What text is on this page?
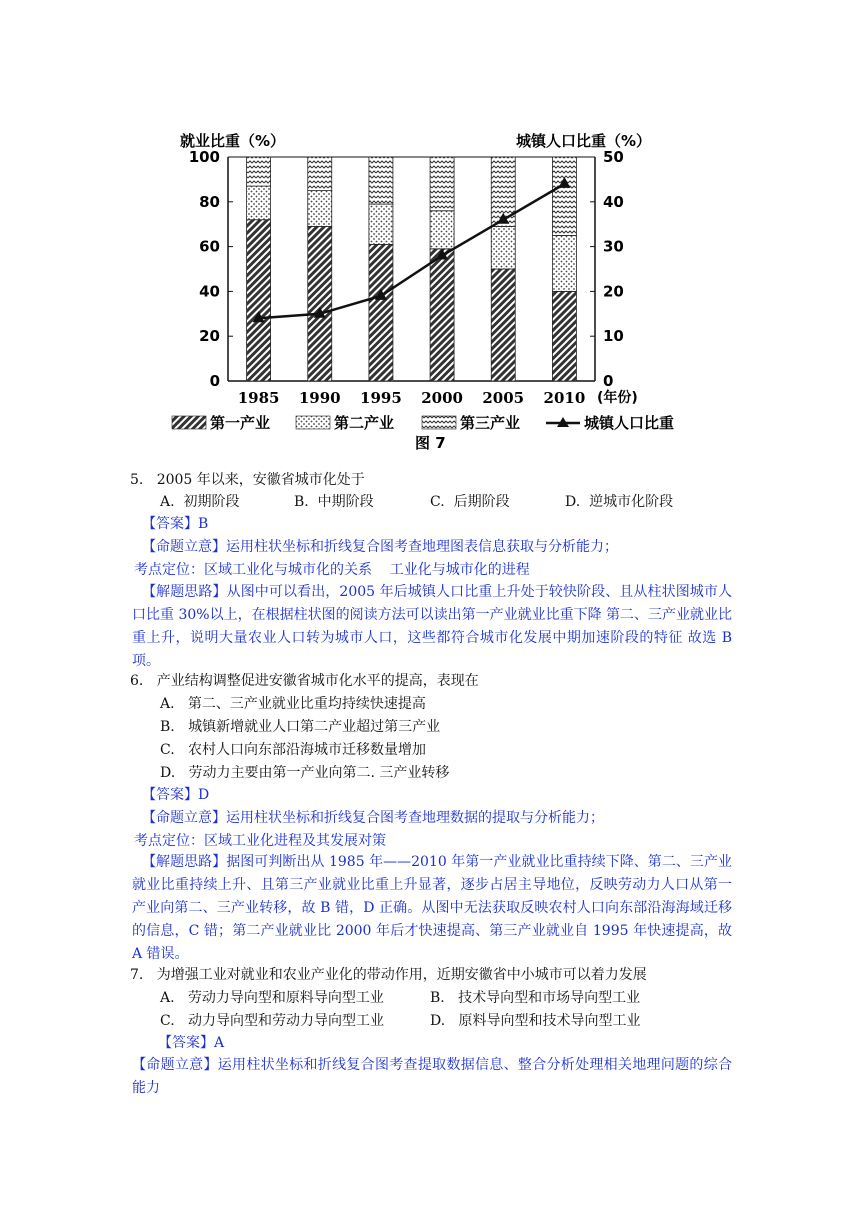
就业比重（%）	城镇人口比重（%）
0
20
40
60
80
100
0
10
20
30
40
50
1985 1990 1995 2000 2005 2010 (年份)
第一产业	第二产业	第三产业	城镇人口比重
图 7
5.   2005 年以来，安徽省城市化处于
A.  初期阶段	B.  中期阶段	C.  后期阶段	D.  逆城市化阶段
【答案】B
【命题立意】运用柱状坐标和折线复合图考查地理图表信息获取与分析能力；
考点定位：区域工业化与城市化的关系    工业化与城市化的进程
【解题思路】从图中可以看出，2005 年后城镇人口比重上升处于较快阶段、且从柱状图城市人口比重 30%以上，在根据柱状图的阅读方法可以读出第一产业就业比重下降 第二、三产业就业比重上升，说明大量农业人口转为城市人口，这些都符合城市化发展中期加速阶段的特征 故选 B 项。
6.   产业结构调整促进安徽省城市化水平的提高，表现在
A.   第二、三产业就业比重均持续快速提高
B.   城镇新增就业人口第二产业超过第三产业
C.   农村人口向东部沿海城市迁移数量增加
D.   劳动力主要由第一产业向第二. 三产业转移
【答案】D
【命题立意】运用柱状坐标和折线复合图考查地理数据的提取与分析能力；
考点定位：区域工业化进程及其发展对策
【解题思路】据图可判断出从 1985 年——2010 年第一产业就业比重持续下降、第二、三产业就业比重持续上升、且第三产业就业比重上升显著，逐步占居主导地位，反映劳动力人口从第一产业向第二、三产业转移，故 B 错，D 正确。从图中无法获取反映农村人口向东部沿海海域迁移的信息，C 错；第二产业就业比 2000 年后才快速提高、第三产业就业自 1995 年快速提高，故 A 错误。
7.   为增强工业对就业和农业产业化的带动作用，近期安徽省中小城市可以着力发展
A.   劳动力导向型和原料导向型工业	B.   技术导向型和市场导向型工业
C.   动力导向型和劳动力导向型工业	D.   原料导向型和技术导向型工业
【答案】A
【命题立意】运用柱状坐标和折线复合图考查提取数据信息、整合分析处理相关地理问题的综合能力
